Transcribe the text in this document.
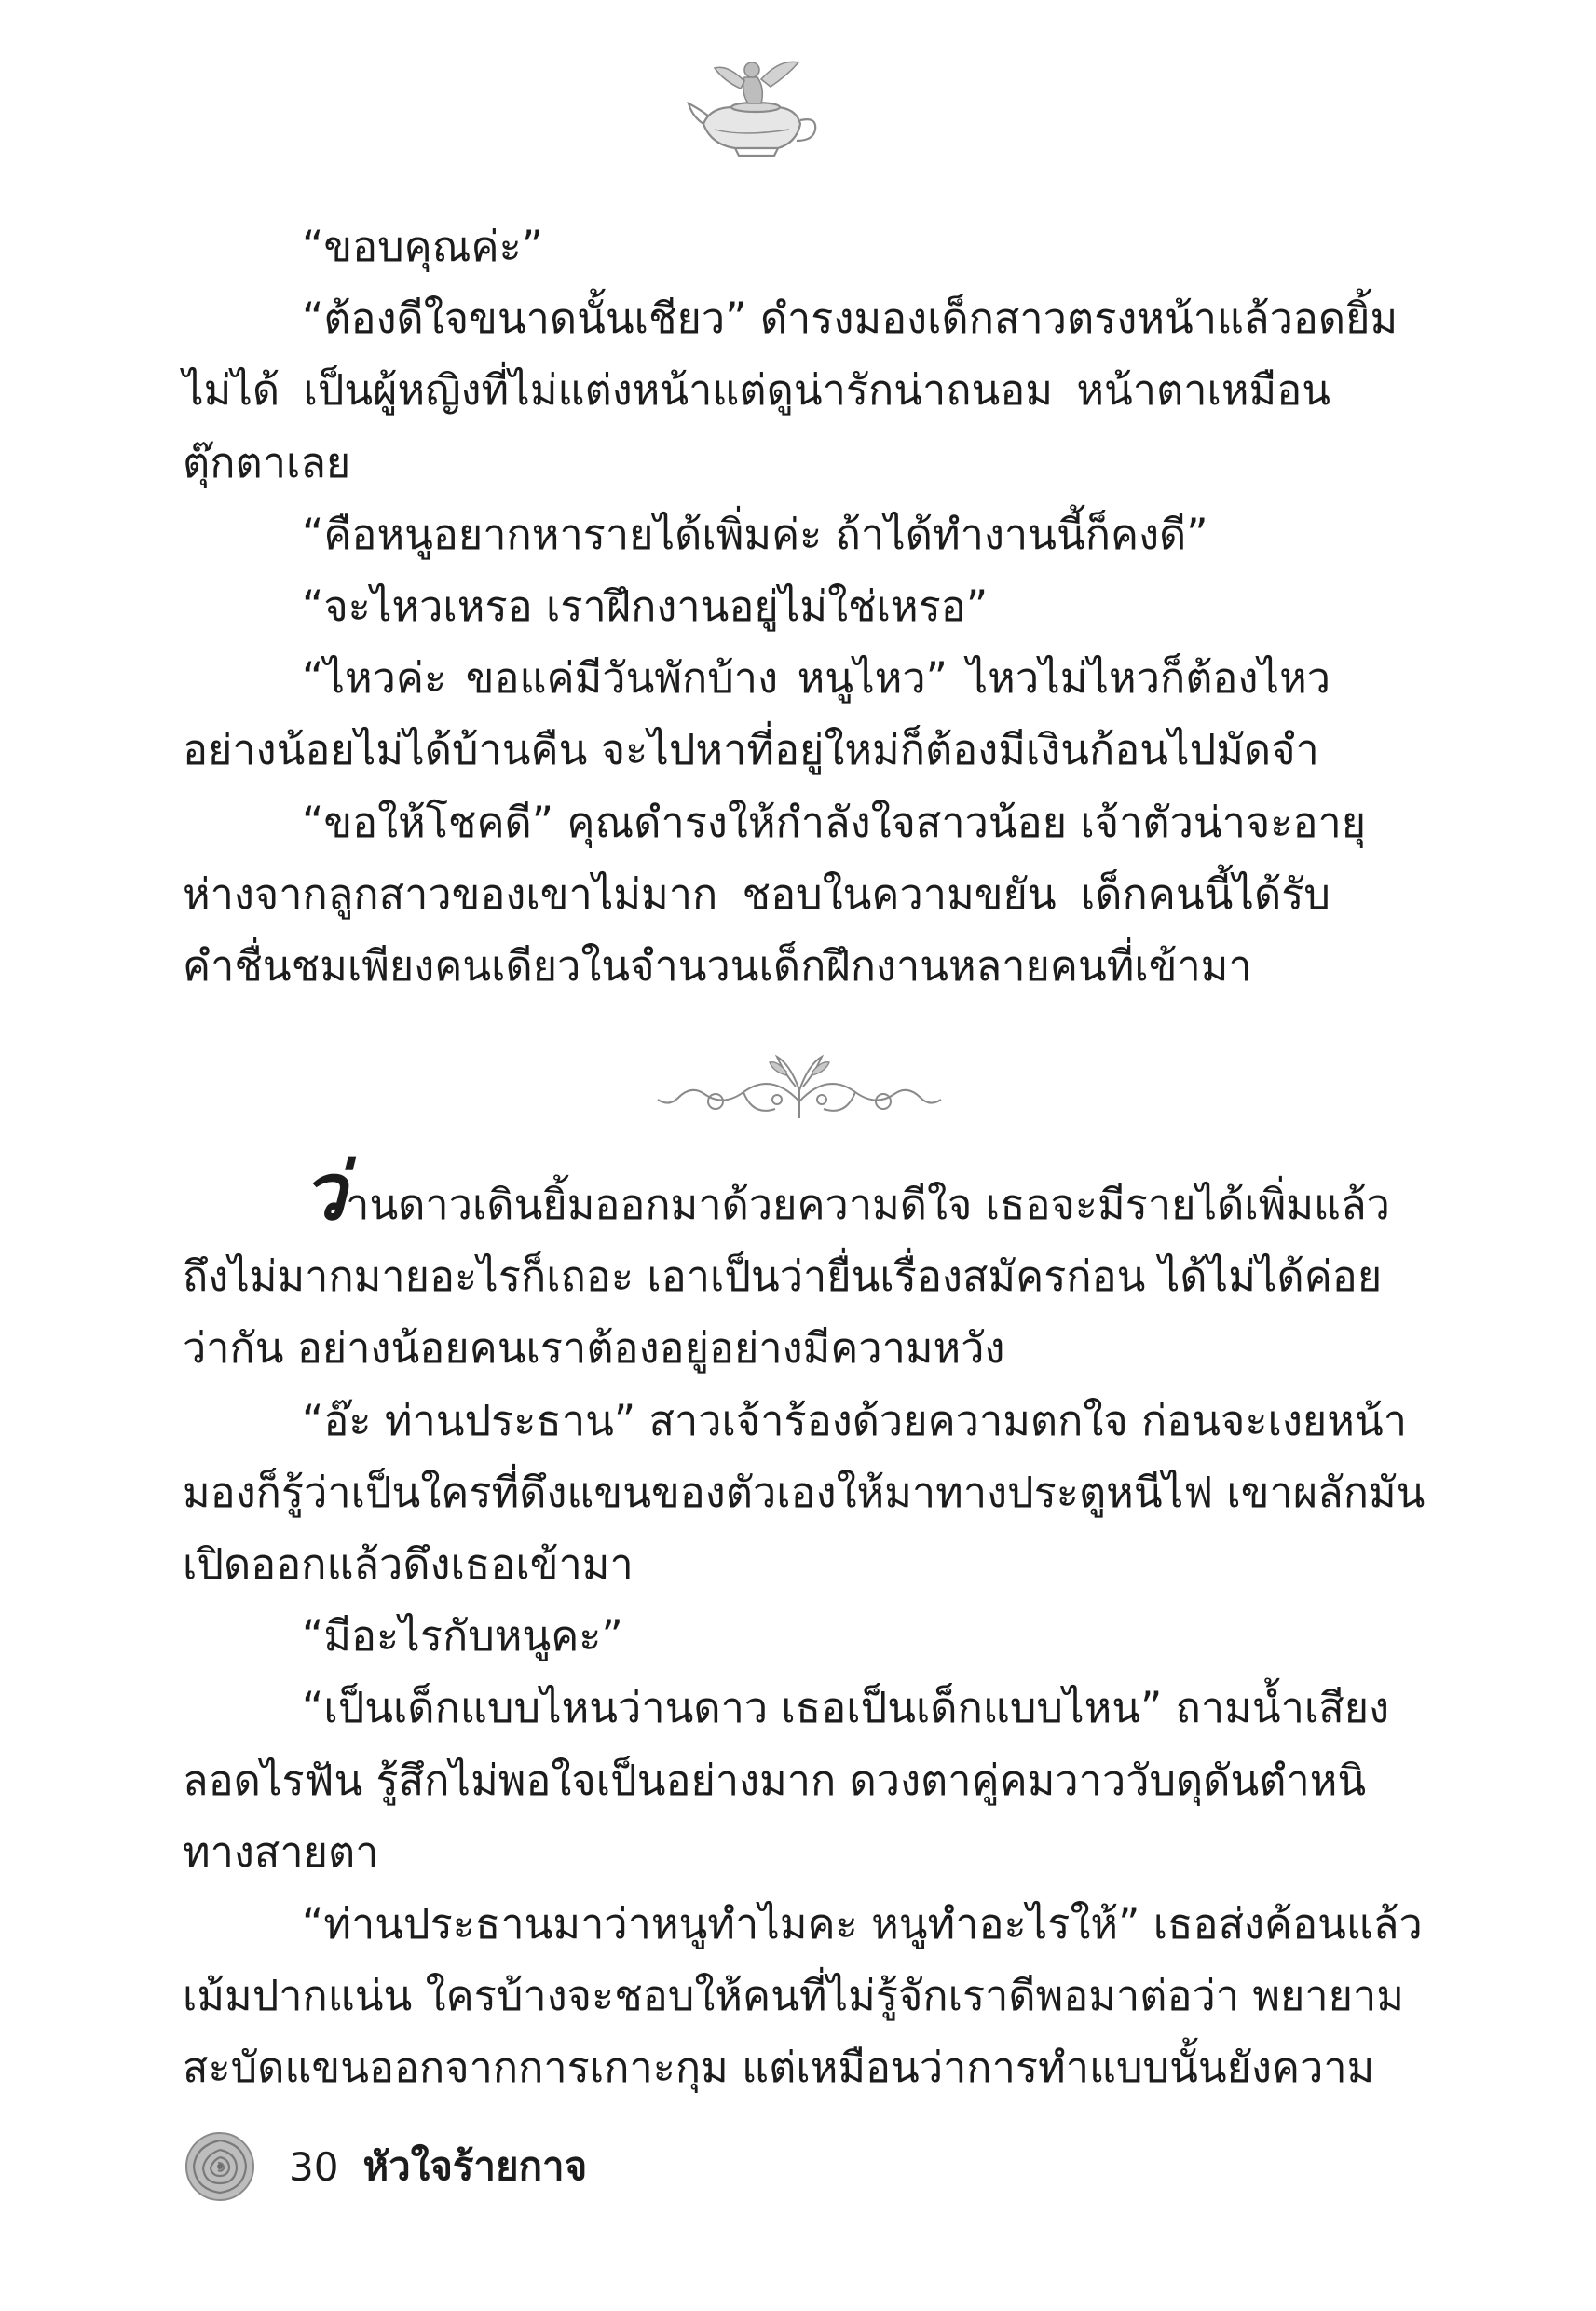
“ขอบคุณค่ะ”

“ต้องดีใจขนาดนั้นเชียว” ดำรงมองเด็กสาวตรงหน้าแล้วอดยิ้ม

ไม่ได้ เป็นผู้หญิงที่ไม่แต่งหน้าแต่ดูน่ารักน่าถนอม หน้าตาเหมือน

ตุ๊กตาเลย

“คือหนูอยากหารายได้เพิ่มค่ะ ถ้าได้ทำงานนี้ก็คงดี”

“จะไหวเหรอ เราฝึกงานอยู่ไม่ใช่เหรอ”

“ไหวค่ะ ขอแค่มีวันพักบ้าง หนูไหว” ไหวไม่ไหวก็ต้องไหว

อย่างน้อยไม่ได้บ้านคืน จะไปหาที่อยู่ใหม่ก็ต้องมีเงินก้อนไปมัดจำ

“ขอให้โชคดี” คุณดำรงให้กำลังใจสาวน้อย เจ้าตัวน่าจะอายุ

ห่างจากลูกสาวของเขาไม่มาก ชอบในความขยัน เด็กคนนี้ได้รับ

คำชื่นชมเพียงคนเดียวในจำนวนเด็กฝึกงานหลายคนที่เข้ามา

ว่านดาวเดินยิ้มออกมาด้วยความดีใจ เธอจะมีรายได้เพิ่มแล้ว

ถึงไม่มากมายอะไรก็เถอะ เอาเป็นว่ายื่นเรื่องสมัครก่อน ได้ไม่ได้ค่อย

ว่ากัน อย่างน้อยคนเราต้องอยู่อย่างมีความหวัง

“อ๊ะ ท่านประธาน” สาวเจ้าร้องด้วยความตกใจ ก่อนจะเงยหน้า

มองก็รู้ว่าเป็นใครที่ดึงแขนของตัวเองให้มาทางประตูหนีไฟ เขาผลักมัน

เปิดออกแล้วดึงเธอเข้ามา

“มีอะไรกับหนูคะ”

“เป็นเด็กแบบไหนว่านดาว เธอเป็นเด็กแบบไหน” ถามน้ำเสียง

ลอดไรฟัน รู้สึกไม่พอใจเป็นอย่างมาก ดวงตาคู่คมวาววับดุดันตำหนิ

ทางสายตา

“ท่านประธานมาว่าหนูทำไมคะ หนูทำอะไรให้” เธอส่งค้อนแล้ว

เม้มปากแน่น ใครบ้างจะชอบให้คนที่ไม่รู้จักเราดีพอมาต่อว่า พยายาม

สะบัดแขนออกจากการเกาะกุม แต่เหมือนว่าการทำแบบนั้นยังความ

30 หัวใจร้ายกาจ
